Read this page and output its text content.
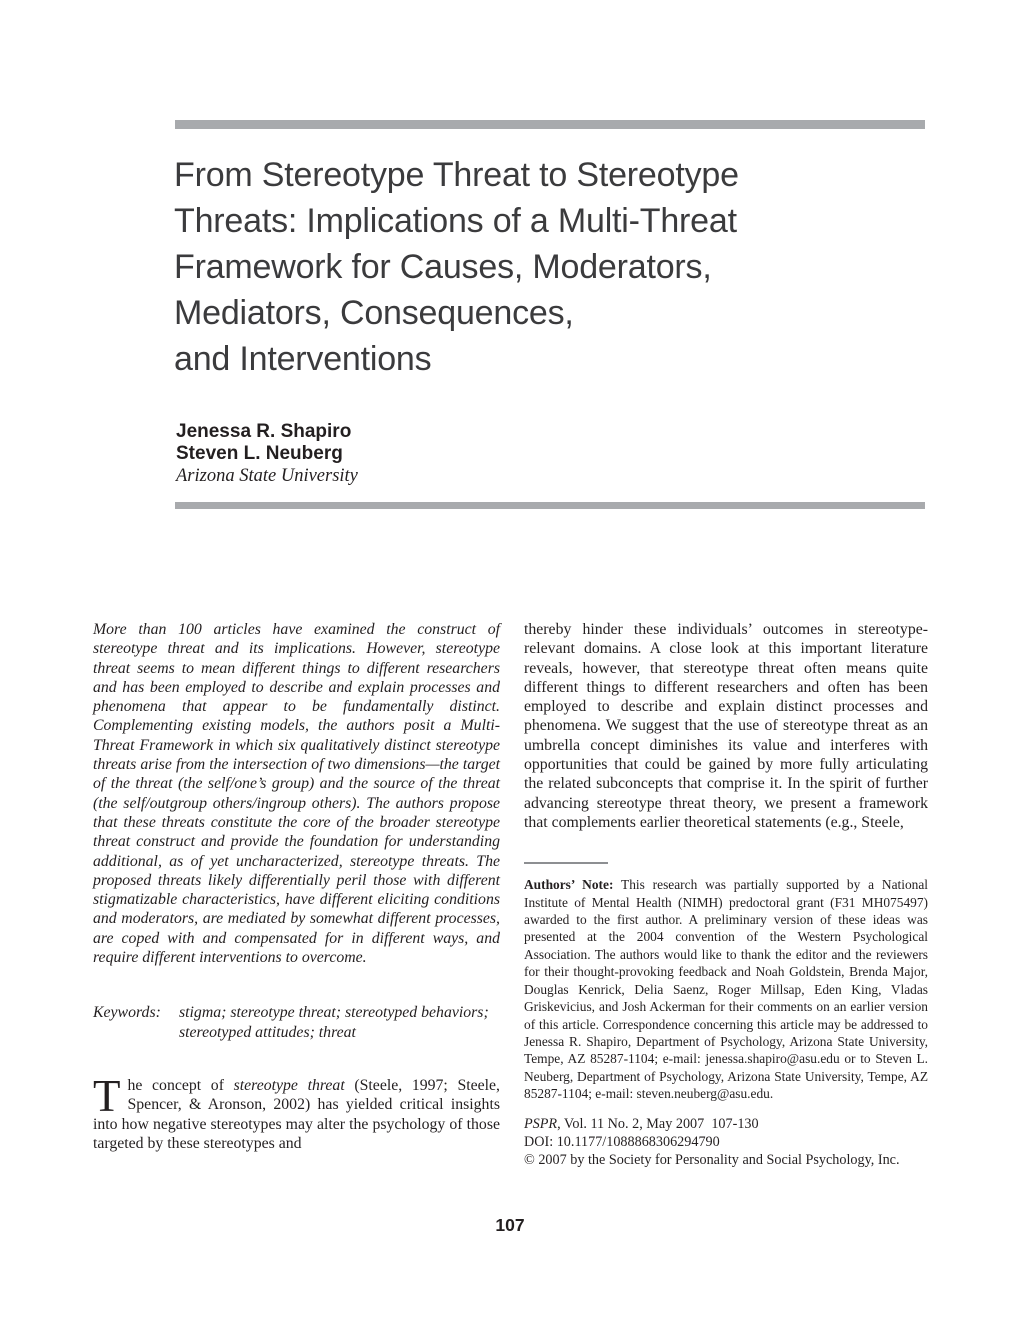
From Stereotype Threat to Stereotype
Threats: Implications of a Multi-Threat
Framework for Causes, Moderators,
Mediators, Consequences,
and Interventions
Jenessa R. Shapiro
Steven L. Neuberg
Arizona State University

More than 100 articles have examined the construct of stereotype threat and its implications. However, stereotype threat seems to mean different things to different researchers and has been employed to describe and explain processes and phenomena that appear to be fundamentally distinct. Complementing existing models, the authors posit a Multi-Threat Framework in which six qualitatively distinct stereotype threats arise from the intersection of two dimensions—the target of the threat (the self/one’s group) and the source of the threat (the self/outgroup others/ingroup others). The authors propose that these threats constitute the core of the broader stereotype threat construct and provide the foundation for understanding additional, as of yet uncharacterized, stereotype threats. The proposed threats likely differentially peril those with different stigmatizable characteristics, have different eliciting conditions and moderators, are mediated by somewhat different processes, are coped with and compensated for in different ways, and require different interventions to overcome.

Keywords:	stigma; stereotype threat; stereotyped behaviors; stereotyped attitudes; threat

The concept of stereotype threat (Steele, 1997; Steele, Spencer, & Aronson, 2002) has yielded critical insights into how negative stereotypes may alter the psychology of those targeted by these stereotypes and

thereby hinder these individuals’ outcomes in stereotype-relevant domains. A close look at this important literature reveals, however, that stereotype threat often means quite different things to different researchers and often has been employed to describe and explain distinct processes and phenomena. We suggest that the use of stereotype threat as an umbrella concept diminishes its value and interferes with opportunities that could be gained by more fully articulating the related subconcepts that comprise it. In the spirit of further advancing stereotype threat theory, we present a framework that complements earlier theoretical statements (e.g., Steele,

Authors’ Note: This research was partially supported by a National Institute of Mental Health (NIMH) predoctoral grant (F31 MH075497) awarded to the first author. A preliminary version of these ideas was presented at the 2004 convention of the Western Psychological Association. The authors would like to thank the editor and the reviewers for their thought-provoking feedback and Noah Goldstein, Brenda Major, Douglas Kenrick, Delia Saenz, Roger Millsap, Eden King, Vladas Griskevicius, and Josh Ackerman for their comments on an earlier version of this article. Correspondence concerning this article may be addressed to Jenessa R. Shapiro, Department of Psychology, Arizona State University, Tempe, AZ 85287-1104; e-mail: jenessa.shapiro@asu.edu or to Steven L. Neuberg, Department of Psychology, Arizona State University, Tempe, AZ 85287-1104; e-mail: steven.neuberg@asu.edu.

PSPR, Vol. 11 No. 2, May 2007  107-130
DOI: 10.1177/1088868306294790
© 2007 by the Society for Personality and Social Psychology, Inc.
107
